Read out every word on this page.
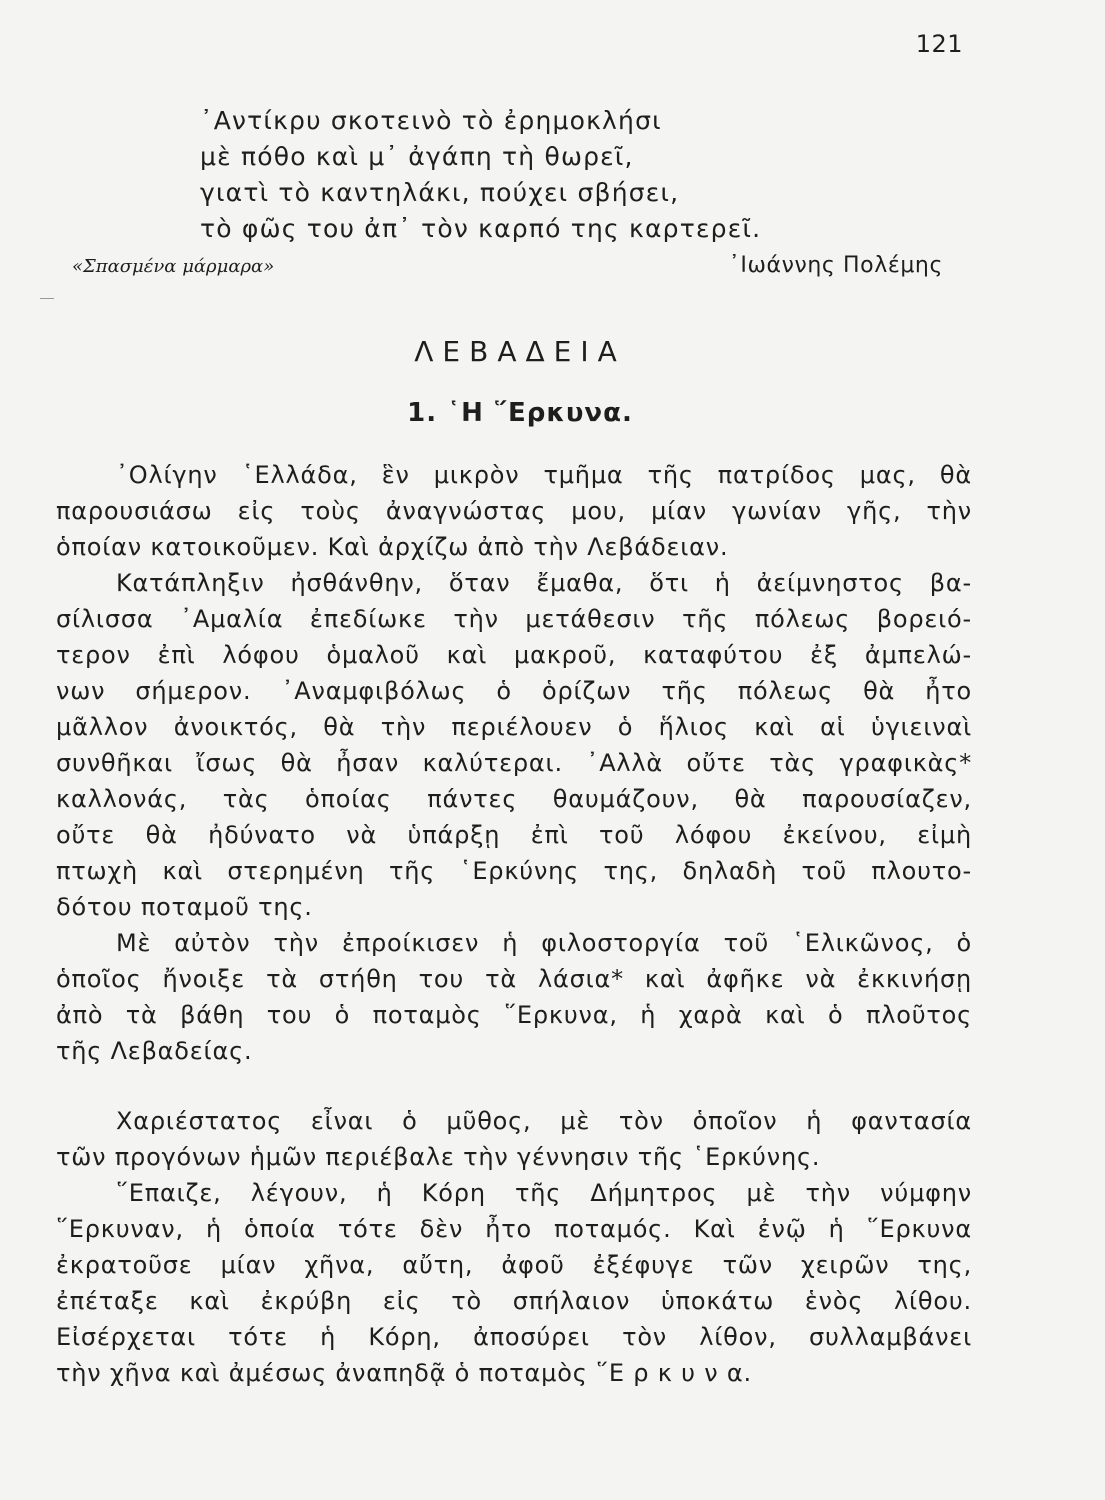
121
᾿Αντίκρυ σκοτεινὸ τὸ ἐρημοκλήσι
μὲ πόθο καὶ μ᾿ ἀγάπη τὴ θωρεῖ,
γιατὶ τὸ καντηλάκι, πούχει σβήσει,
τὸ φῶς του ἀπ᾿ τὸν καρπό της καρτερεῖ.
«Σπασμένα μάρμαρα»	᾿Ιωάννης Πολέμης
ΛΕΒΑΔΕΙΑ
1. ῾Η ῞Ερκυνα.
᾿Ολίγην ῾Ελλάδα, ἓν μικρὸν τμῆμα τῆς πατρίδος μας, θὰ
παρουσιάσω εἰς τοὺς ἀναγνώστας μου, μίαν γωνίαν γῆς, τὴν
ὁποίαν κατοικοῦμεν. Καὶ ἀρχίζω ἀπὸ τὴν Λεβάδειαν.
Κατάπληξιν ἠσθάνθην, ὅταν ἔμαθα, ὅτι ἡ ἀείμνηστος βα-
σίλισσα ᾿Αμαλία ἐπεδίωκε τὴν μετάθεσιν τῆς πόλεως βορειό-
τερον ἐπὶ λόφου ὁμαλοῦ καὶ μακροῦ, καταφύτου ἐξ ἀμπελώ-
νων σήμερον. ᾿Αναμφιβόλως ὁ ὁρίζων τῆς πόλεως θὰ ἦτο
μᾶλλον ἀνοικτός, θὰ τὴν περιέλουεν ὁ ἥλιος καὶ αἱ ὑγιειναὶ
συνθῆκαι ἴσως θὰ ἦσαν καλύτεραι. ᾿Αλλὰ οὔτε τὰς γραφικὰς*
καλλονάς, τὰς ὁποίας πάντες θαυμάζουν, θὰ παρουσίαζεν,
οὔτε θὰ ἠδύνατο νὰ ὑπάρξῃ ἐπὶ τοῦ λόφου ἐκείνου, εἰμὴ
πτωχὴ καὶ στερημένη τῆς ῾Ερκύνης της, δηλαδὴ τοῦ πλουτο-
δότου ποταμοῦ της.
Μὲ αὐτὸν τὴν ἐπροίκισεν ἡ φιλοστοργία τοῦ ῾Ελικῶνος, ὁ
ὁποῖος ἤνοιξε τὰ στήθη του τὰ λάσια* καὶ ἀφῆκε νὰ ἐκκινήσῃ
ἀπὸ τὰ βάθη του ὁ ποταμὸς ῞Ερκυνα, ἡ χαρὰ καὶ ὁ πλοῦτος
τῆς Λεβαδείας.
Χαριέστατος εἶναι ὁ μῦθος, μὲ τὸν ὁποῖον ἡ φαντασία
τῶν προγόνων ἡμῶν περιέβαλε τὴν γέννησιν τῆς ῾Ερκύνης.
῞Επαιζε, λέγουν, ἡ Κόρη τῆς Δήμητρος μὲ τὴν νύμφην
῞Ερκυναν, ἡ ὁποία τότε δὲν ἦτο ποταμός. Καὶ ἐνῷ ἡ ῞Ερκυνα
ἐκρατοῦσε μίαν χῆνα, αὔτη, ἀφοῦ ἐξέφυγε τῶν χειρῶν της,
ἐπέταξε καὶ ἐκρύβη εἰς τὸ σπήλαιον ὑποκάτω ἑνὸς λίθου.
Εἰσέρχεται τότε ἡ Κόρη, ἀποσύρει τὸν λίθον, συλλαμβάνει
τὴν χῆνα καὶ ἀμέσως ἀναπηδᾷ ὁ ποταμὸς ῞Ε ρ κ υ ν α.
